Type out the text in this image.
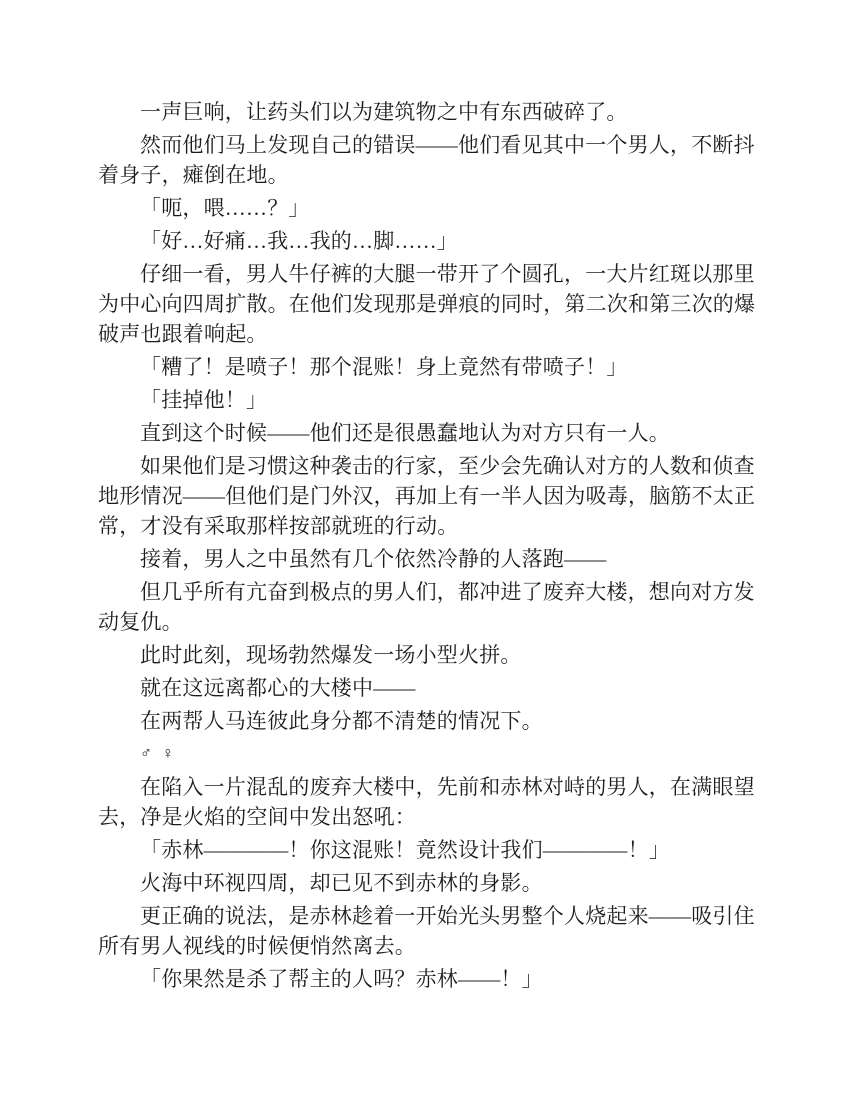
一声巨响，让药头们以为建筑物之中有东西破碎了。

然而他们马上发现自己的错误——他们看见其中一个男人，不断抖着身子，瘫倒在地。

「呃，喂……？」

「好…好痛…我…我的…脚……」

仔细一看，男人牛仔裤的大腿一带开了个圆孔，一大片红斑以那里为中心向四周扩散。在他们发现那是弹痕的同时，第二次和第三次的爆破声也跟着响起。

「糟了！是喷子！那个混账！身上竟然有带喷子！」

「挂掉他！」

直到这个时候——他们还是很愚蠢地认为对方只有一人。

如果他们是习惯这种袭击的行家，至少会先确认对方的人数和侦查地形情况——但他们是门外汉，再加上有一半人因为吸毒，脑筋不太正常，才没有采取那样按部就班的行动。

接着，男人之中虽然有几个依然冷静的人落跑——

但几乎所有亢奋到极点的男人们，都冲进了废弃大楼，想向对方发动复仇。

此时此刻，现场勃然爆发一场小型火拼。

就在这远离都心的大楼中——

在两帮人马连彼此身分都不清楚的情况下。

♂ ♀

在陷入一片混乱的废弃大楼中，先前和赤林对峙的男人，在满眼望去，净是火焰的空间中发出怒吼：

「赤林————！你这混账！竟然设计我们————！」

火海中环视四周，却已见不到赤林的身影。

更正确的说法，是赤林趁着一开始光头男整个人烧起来——吸引住所有男人视线的时候便悄然离去。

「你果然是杀了帮主的人吗？赤林——！」
